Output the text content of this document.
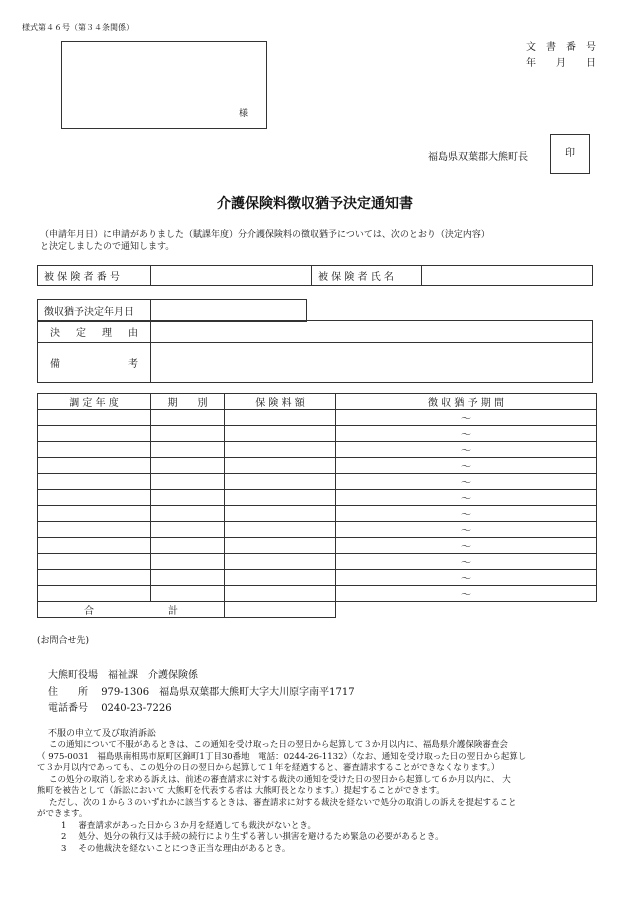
様式第４６号（第３４条関係）
様
文　書　番　号
年　　月　　日
福島県双葉郡大熊町長	印
介護保険料徴収猶予決定通知書
（申請年月日）に申請がありました（賦課年度）分介護保険料の徴収猶予については、次のとおり（決定内容）
と決定しましたので通知します。
被 保 険 者 番 号		被 保 険 者 氏 名	
徴収猶予決定年月日	
決 定 理 由	

備 考	

調 定 年 度	期　　別	保 険 料 額	徴 収 猶 予 期 間
			～
			～
			～
			～
			～
			～
			～
			～
			～
			～
			～
			～

合 計			

(お問合せ先)
大熊町役場　福祉課　介護保険係
住　　所 979-1306　福島県双葉郡大熊町大字大川原字南平1717
電話番号 0240-23-7226
不服の申立て及び取消訴訟
この通知について不服があるときは、この通知を受け取った日の翌日から起算して３か月以内に、福島県介護保険審査会
（ 975-0031　福島県南相馬市原町区錦町1丁目30番地　電話：0244-26-1132）（なお、通知を受け取った日の翌日から起算し
て３か月以内であっても、この処分の日の翌日から起算して１年を経過すると、審査請求することができなくなります。）
この処分の取消しを求める訴えは、前述の審査請求に対する裁決の通知を受けた日の翌日から起算して６か月以内に、 大
熊町を被告として（訴訟において 大熊町を代表する者は 大熊町長となります。）提起することができます。
ただし、次の１から３のいずれかに該当するときは、審査請求に対する裁決を経ないで処分の取消しの訴えを提起すること
ができます。
1 審査請求があった日から３か月を経過しても裁決がないとき。
2 処分、処分の執行又は手続の続行により生ずる著しい損害を避けるため緊急の必要があるとき。
3 その他裁決を経ないことにつき正当な理由があるとき。
